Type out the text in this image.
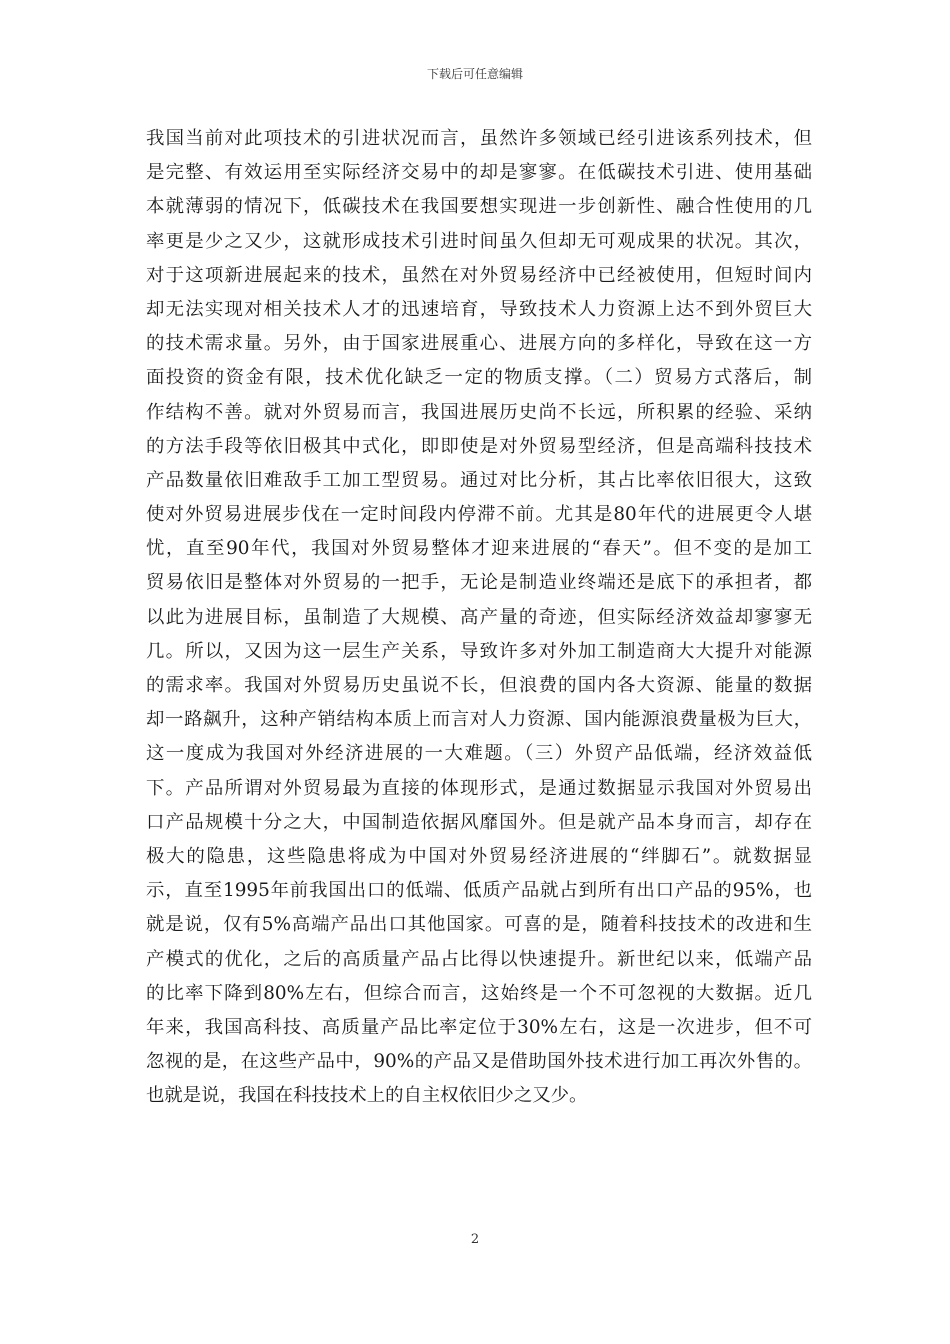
下载后可任意编辑
我国当前对此项技术的引进状况而言，虽然许多领域已经引进该系列技术，但
是完整、有效运用至实际经济交易中的却是寥寥。在低碳技术引进、使用基础
本就薄弱的情况下，低碳技术在我国要想实现进一步创新性、融合性使用的几
率更是少之又少，这就形成技术引进时间虽久但却无可观成果的状况。其次，
对于这项新进展起来的技术，虽然在对外贸易经济中已经被使用，但短时间内
却无法实现对相关技术人才的迅速培育，导致技术人力资源上达不到外贸巨大
的技术需求量。另外，由于国家进展重心、进展方向的多样化，导致在这一方
面投资的资金有限，技术优化缺乏一定的物质支撑。（二）贸易方式落后，制
作结构不善。就对外贸易而言，我国进展历史尚不长远，所积累的经验、采纳
的方法手段等依旧极其中式化，即即使是对外贸易型经济，但是高端科技技术
产品数量依旧难敌手工加工型贸易。通过对比分析，其占比率依旧很大，这致
使对外贸易进展步伐在一定时间段内停滞不前。尤其是80年代的进展更令人堪
忧，直至90年代，我国对外贸易整体才迎来进展的“春天”。但不变的是加工
贸易依旧是整体对外贸易的一把手，无论是制造业终端还是底下的承担者，都
以此为进展目标，虽制造了大规模、高产量的奇迹，但实际经济效益却寥寥无
几。所以，又因为这一层生产关系，导致许多对外加工制造商大大提升对能源
的需求率。我国对外贸易历史虽说不长，但浪费的国内各大资源、能量的数据
却一路飙升，这种产销结构本质上而言对人力资源、国内能源浪费量极为巨大，
这一度成为我国对外经济进展的一大难题。（三）外贸产品低端，经济效益低
下。产品所谓对外贸易最为直接的体现形式，是通过数据显示我国对外贸易出
口产品规模十分之大，中国制造依据风靡国外。但是就产品本身而言，却存在
极大的隐患，这些隐患将成为中国对外贸易经济进展的“绊脚石”。就数据显
示，直至1995年前我国出口的低端、低质产品就占到所有出口产品的95%，也
就是说，仅有5%高端产品出口其他国家。可喜的是，随着科技技术的改进和生
产模式的优化，之后的高质量产品占比得以快速提升。新世纪以来，低端产品
的比率下降到80%左右，但综合而言，这始终是一个不可忽视的大数据。近几
年来，我国高科技、高质量产品比率定位于30%左右，这是一次进步，但不可
忽视的是，在这些产品中，90%的产品又是借助国外技术进行加工再次外售的。
也就是说，我国在科技技术上的自主权依旧少之又少。
2
